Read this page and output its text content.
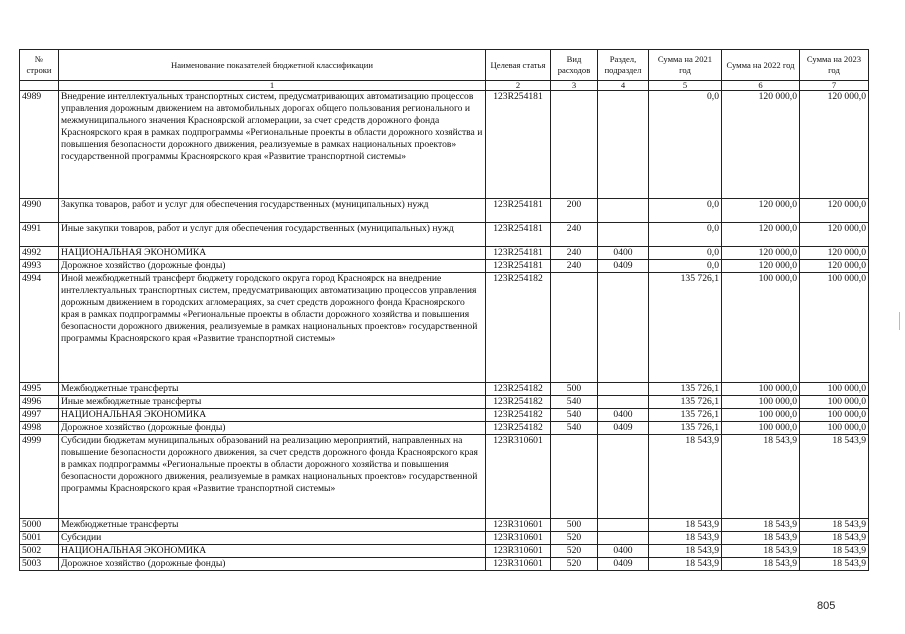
№ строки	Наименование показателей бюджетной классификации	Целевая статья	Вид расходов	Раздел, подраздел	Сумма на 2021 год	Сумма на 2022 год	Сумма на 2023 год
	1	2	3	4	5	6	7
4989	Внедрение интеллектуальных транспортных систем, предусматривающих автоматизацию процессов управления дорожным движением на автомобильных дорогах общего пользования регионального и межмуниципального значения Красноярской агломерации, за счет средств дорожного фонда Красноярского края в рамках подпрограммы «Региональные проекты в области дорожного хозяйства и повышения безопасности дорожного движения, реализуемые в рамках национальных проектов» государственной программы Красноярского края «Развитие транспортной системы»	123R254181			0,0	120 000,0	120 000,0
4990	Закупка товаров, работ и услуг для обеспечения государственных (муниципальных) нужд	123R254181	200		0,0	120 000,0	120 000,0
4991	Иные закупки товаров, работ и услуг для обеспечения государственных (муниципальных) нужд	123R254181	240		0,0	120 000,0	120 000,0
4992	НАЦИОНАЛЬНАЯ ЭКОНОМИКА	123R254181	240	0400	0,0	120 000,0	120 000,0
4993	Дорожное хозяйство (дорожные фонды)	123R254181	240	0409	0,0	120 000,0	120 000,0
4994	Иной межбюджетный трансферт бюджету городского округа город Красноярск на внедрение интеллектуальных транспортных систем, предусматривающих автоматизацию процессов управления дорожным движением в городских агломерациях, за счет средств дорожного фонда Красноярского края в рамках подпрограммы «Региональные проекты в области дорожного хозяйства и повышения безопасности дорожного движения, реализуемые в рамках национальных проектов» государственной программы Красноярского края «Развитие транспортной системы»	123R254182			135 726,1	100 000,0	100 000,0
4995	Межбюджетные трансферты	123R254182	500		135 726,1	100 000,0	100 000,0
4996	Иные межбюджетные трансферты	123R254182	540		135 726,1	100 000,0	100 000,0
4997	НАЦИОНАЛЬНАЯ ЭКОНОМИКА	123R254182	540	0400	135 726,1	100 000,0	100 000,0
4998	Дорожное хозяйство (дорожные фонды)	123R254182	540	0409	135 726,1	100 000,0	100 000,0
4999	Субсидии бюджетам муниципальных образований на реализацию мероприятий, направленных на повышение безопасности дорожного движения, за счет средств дорожного фонда Красноярского края в рамках подпрограммы «Региональные проекты в области дорожного хозяйства и повышения безопасности дорожного движения, реализуемые в рамках национальных проектов» государственной программы Красноярского края «Развитие транспортной системы»	123R310601			18 543,9	18 543,9	18 543,9
5000	Межбюджетные трансферты	123R310601	500		18 543,9	18 543,9	18 543,9
5001	Субсидии	123R310601	520		18 543,9	18 543,9	18 543,9
5002	НАЦИОНАЛЬНАЯ ЭКОНОМИКА	123R310601	520	0400	18 543,9	18 543,9	18 543,9
5003	Дорожное хозяйство (дорожные фонды)	123R310601	520	0409	18 543,9	18 543,9	18 543,9
805
